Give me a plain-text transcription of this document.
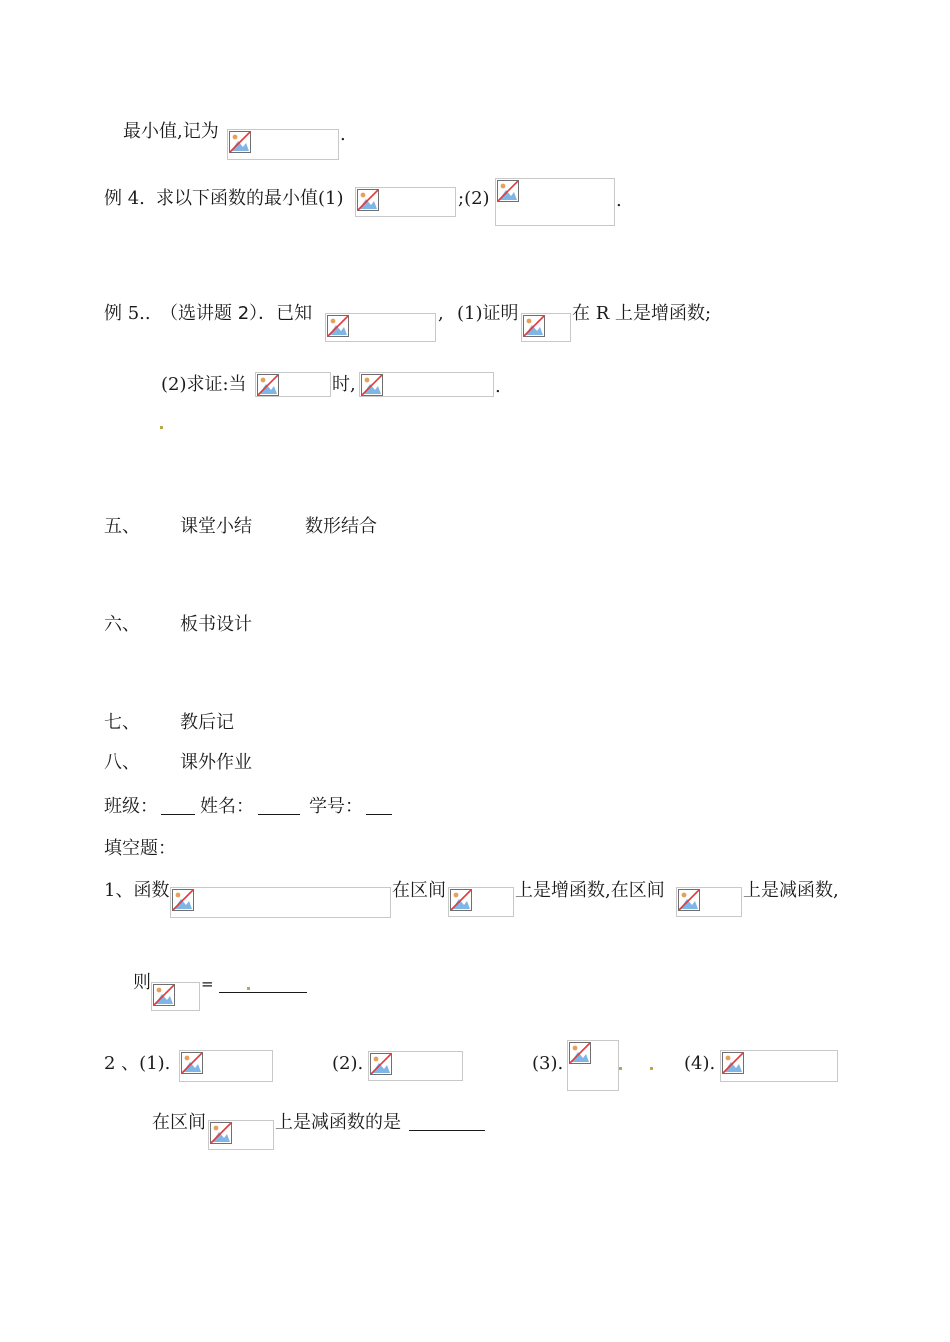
最小值,记为	.
例 4. 求以下函数的最小值(1)	;(2)	.
例 5.. （选讲题 2）．已知	, (1)证明	在 R 上是增函数;
(2)求证:当	时,	.
五、 课堂小结	数形结合
六、 板书设计
七、 教后记
八、 课外作业
班级： 姓名：	学号：
填空题：
1、函数	在区间	上是增函数,在区间	上是减函数,
则	=
2 、(1).	(2).	(3).	(4).
在区间	上是减函数的是
